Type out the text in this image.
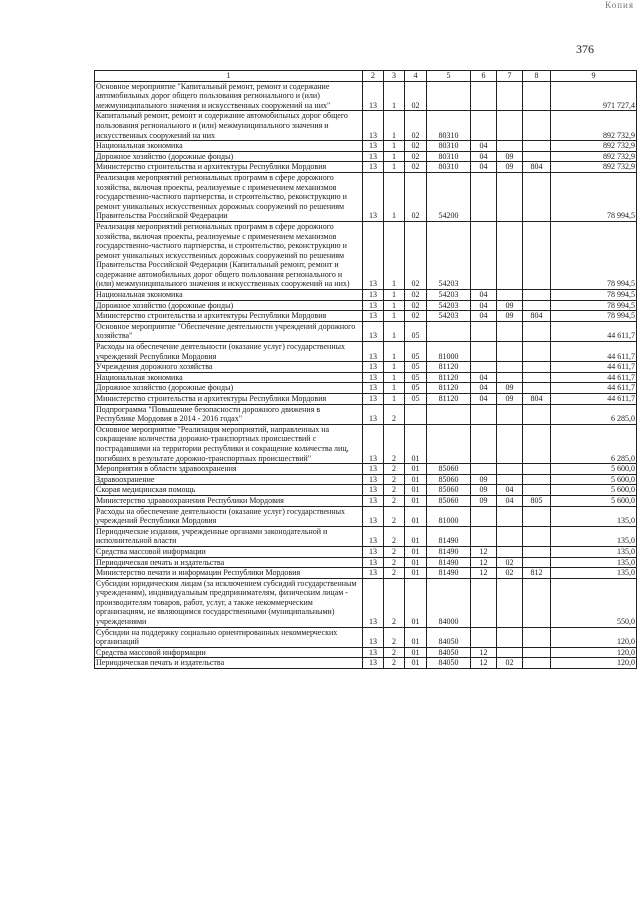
Копия
376
1	2	3	4	5	6	7	8	9
Основное мероприятие "Капитальный ремонт, ремонт и содержание автомобильных дорог общего пользования регионального и (или) межмуниципального значения и искусственных сооружений на них"	13	1	02					971 727,4
Капитальный ремонт, ремонт и содержание автомобильных дорог общего пользования регионального и (или) межмуниципального значения и искусственных сооружений на них	13	1	02	80310				892 732,9
Национальная экономика	13	1	02	80310	04			892 732,9
Дорожное хозяйство (дорожные фонды)	13	1	02	80310	04	09		892 732,9
Министерство строительства и архитектуры Республики Мордовия	13	1	02	80310	04	09	804	892 732,9
Реализация мероприятий региональных программ в сфере дорожного хозяйства, включая проекты, реализуемые с применением механизмов государственно-частного партнерства, и строительство, реконструкцию и ремонт уникальных искусственных дорожных сооружений по решениям Правительства Российской Федерации	13	1	02	54200				78 994,5
Реализация мероприятий региональных программ в сфере дорожного хозяйства, включая проекты, реализуемые с применением механизмов государственно-частного партнерства, и строительство, реконструкцию и ремонт уникальных искусственных дорожных сооружений по решениям Правительства Российской Федерации (Капитальный ремонт, ремонт и содержание автомобильных дорог общего пользования регионального и (или) межмуниципального значения и искусственных сооружений на них)	13	1	02	54203				78 994,5
Национальная экономика	13	1	02	54203	04			78 994,5
Дорожное хозяйство (дорожные фонды)	13	1	02	54203	04	09		78 994,5
Министерство строительства и архитектуры Республики Мордовия	13	1	02	54203	04	09	804	78 994,5
Основное мероприятие "Обеспечение деятельности учреждений дорожного хозяйства"	13	1	05					44 611,7
Расходы на обеспечение деятельности (оказание услуг) государственных учреждений Республики Мордовия	13	1	05	81000				44 611,7
Учреждения дорожного хозяйства	13	1	05	81120				44 611,7
Национальная экономика	13	1	05	81120	04			44 611,7
Дорожное хозяйство (дорожные фонды)	13	1	05	81120	04	09		44 611,7
Министерство строительства и архитектуры Республики Мордовия	13	1	05	81120	04	09	804	44 611,7
Подпрограмма "Повышение безопасности дорожного движения в Республике Мордовия в 2014 - 2016 годах"	13	2						6 285,0
Основное мероприятие "Реализация мероприятий, направленных на сокращение количества дорожно-транспортных происшествий с пострадавшими на территории республики и сокращение количества лиц, погибших в результате дорожно-транспортных происшествий"	13	2	01					6 285,0
Мероприятия в области здравоохранения	13	2	01	85060				5 600,0
Здравоохранение	13	2	01	85060	09			5 600,0
Скорая медицинская помощь	13	2	01	85060	09	04		5 600,0
Министерство здравоохранения Республики Мордовия	13	2	01	85060	09	04	805	5 600,0
Расходы на обеспечение деятельности (оказание услуг) государственных учреждений Республики Мордовия	13	2	01	81000				135,0
Периодические издания, учрежденные органами законодательной и исполнительной власти	13	2	01	81490				135,0
Средства массовой информации	13	2	01	81490	12			135,0
Периодическая печать и издательства	13	2	01	81490	12	02		135,0
Министерство печати и информации Республики Мордовия	13	2	01	81490	12	02	812	135,0
Субсидии юридическим лицам (за исключением субсидий государственным учреждениям), индивидуальным предпринимателям, физическим лицам - производителям товаров, работ, услуг, а также некоммерческим организациям, не являющимся государственными (муниципальными) учреждениями	13	2	01	84000				550,0
Субсидии на поддержку социально ориентированных некоммерческих организаций	13	2	01	84050				120,0
Средства массовой информации	13	2	01	84050	12			120,0
Периодическая печать и издательства	13	2	01	84050	12	02		120,0
